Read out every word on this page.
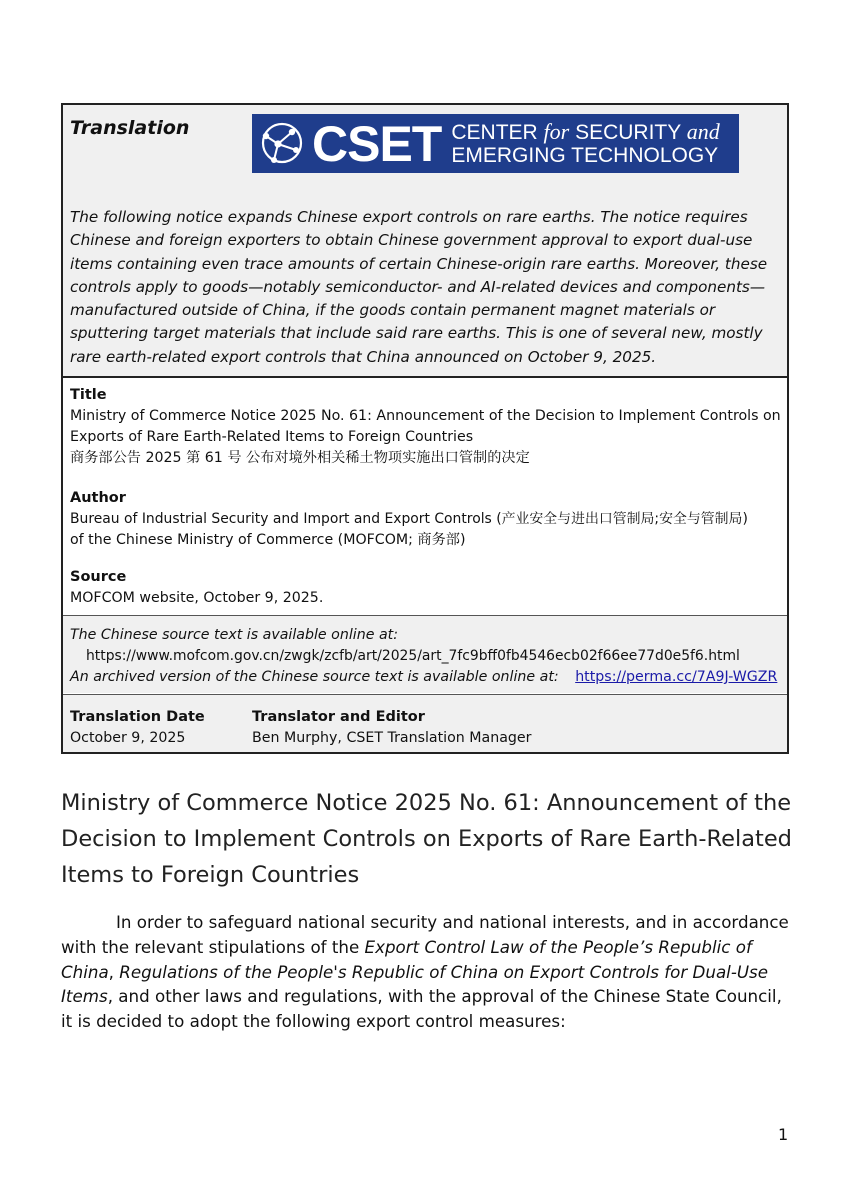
Translation CSET CENTER for SECURITY and
EMERGING TECHNOLOGY
The following notice expands Chinese export controls on rare earths. The notice requires Chinese and foreign exporters to obtain Chinese government approval to export dual-use items containing even trace amounts of certain Chinese-origin rare earths. Moreover, these controls apply to goods—notably semiconductor- and AI-related devices and components—manufactured outside of China, if the goods contain permanent magnet materials or sputtering target materials that include said rare earths. This is one of several new, mostly rare earth-related export controls that China announced on October 9, 2025.
Title
Ministry of Commerce Notice 2025 No. 61: Announcement of the Decision to Implement Controls on Exports of Rare Earth-Related Items to Foreign Countries
商务部公告 2025 第 61 号 公布对境外相关稀土物项实施出口管制的决定
Author
Bureau of Industrial Security and Import and Export Controls (产业安全与进出口管制局;安全与管制局)
of the Chinese Ministry of Commerce (MOFCOM; 商务部)
Source
MOFCOM website, October 9, 2025.
The Chinese source text is available online at:
https://www.mofcom.gov.cn/zwgk/zcfb/art/2025/art_7fc9bff0fb4546ecb02f66ee77d0e5f6.html
An archived version of the Chinese source text is available online at: https://perma.cc/7A9J-WGZR
Translation Date
October 9, 2025
Translator and Editor
Ben Murphy, CSET Translation Manager
Ministry of Commerce Notice 2025 No. 61: Announcement of the Decision to Implement Controls on Exports of Rare Earth-Related Items to Foreign Countries
In order to safeguard national security and national interests, and in accordance with the relevant stipulations of the Export Control Law of the People’s Republic of China, Regulations of the People's Republic of China on Export Controls for Dual-Use Items, and other laws and regulations, with the approval of the Chinese State Council, it is decided to adopt the following export control measures:
1
